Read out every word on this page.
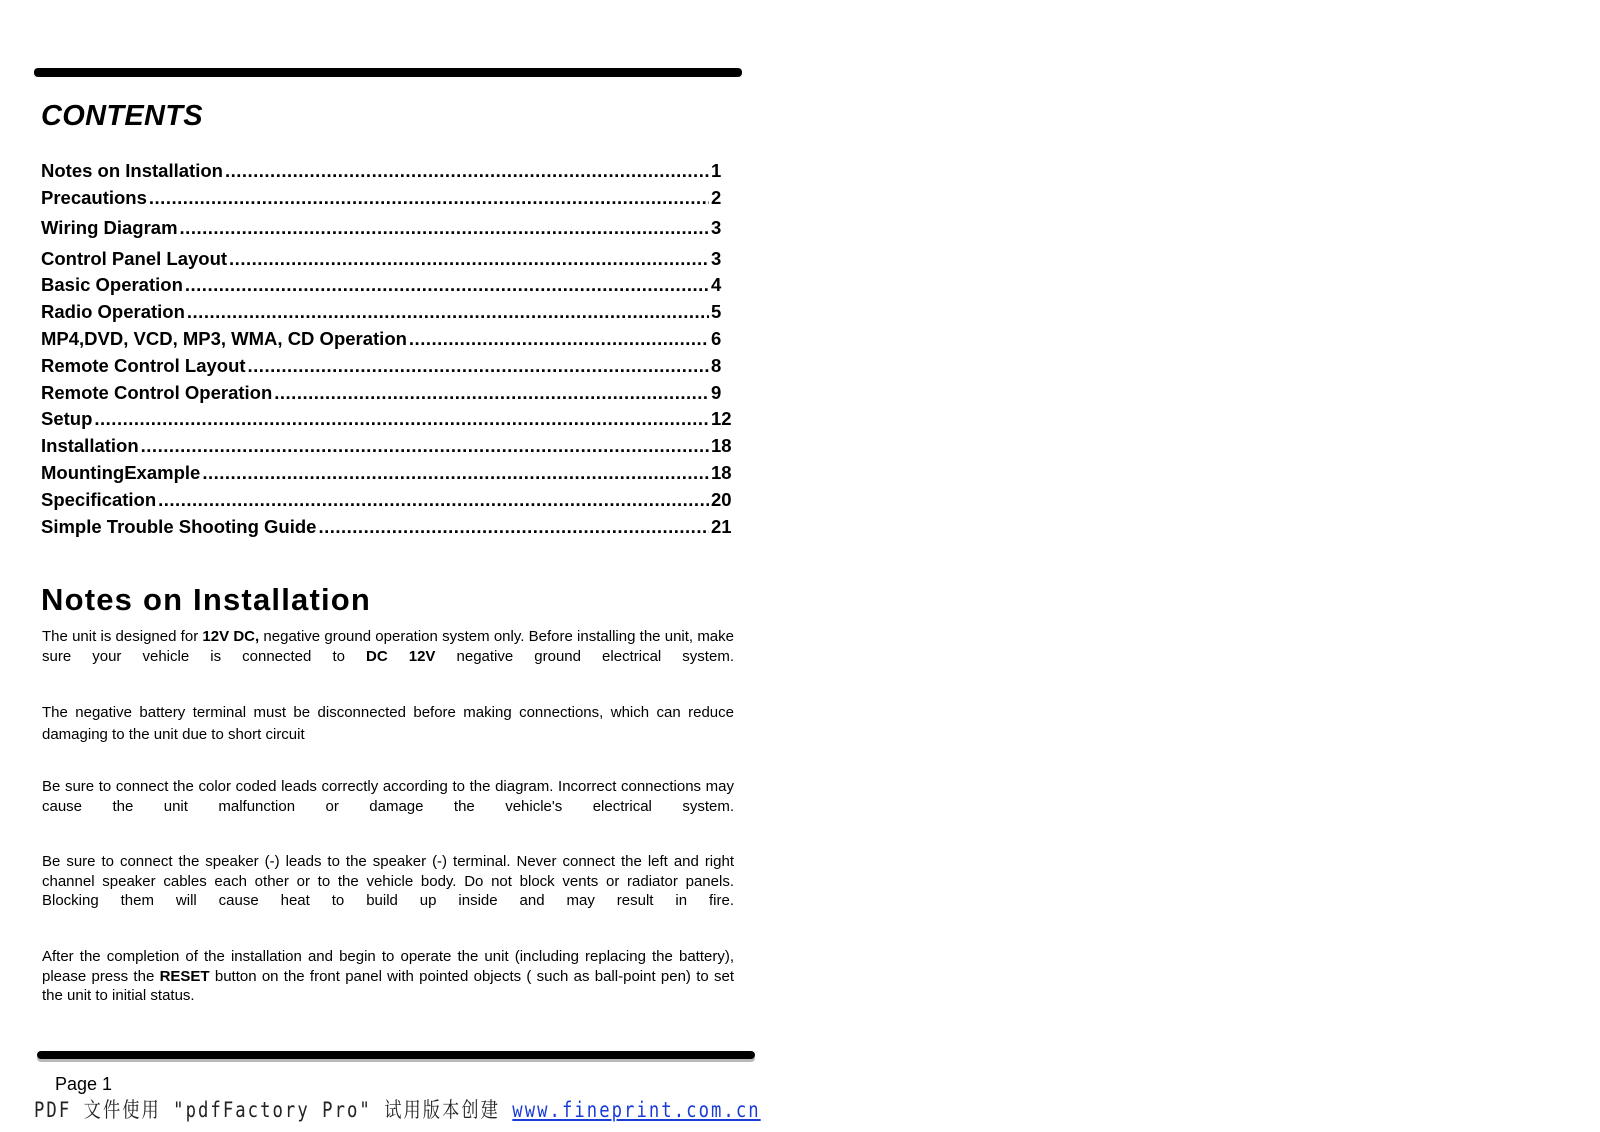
CONTENTS
Notes on Installation .....	1
Precautions .....	2
Wiring Diagram .....	3
Control Panel Layout .....	3
Basic Operation .....	4
Radio Operation .....	5
MP4,DVD, VCD, MP3, WMA, CD Operation .....	6
Remote Control Layout .....	8
Remote Control Operation .....	9
Setup .....	12
Installation .....	18
MountingExample .....	18
Specification .....	20
Simple Trouble Shooting Guide .....	21
Notes on Installation

The unit is designed for 12V DC, negative ground operation system only. Before installing the unit, make sure your vehicle is connected to DC 12V negative ground electrical system.

The negative battery terminal must be disconnected before making connections, which can reduce damaging to the unit due to short circuit

Be sure to connect the color coded leads correctly according to the diagram. Incorrect connections may cause the unit malfunction or damage the vehicle's electrical system.

Be sure to connect the speaker (-) leads to the speaker (-) terminal. Never connect the left and right channel speaker cables each other or to the vehicle body. Do not block vents or radiator panels. Blocking them will cause heat to build up inside and may result in fire.

After the completion of the installation and begin to operate the unit (including replacing the battery), please press the RESET button on the front panel with pointed objects ( such as ball-point pen) to set the unit to initial status.

Page 1
PDF 文件使用 "pdfFactory Pro" 试用版本创建 www.fineprint.com.cn
